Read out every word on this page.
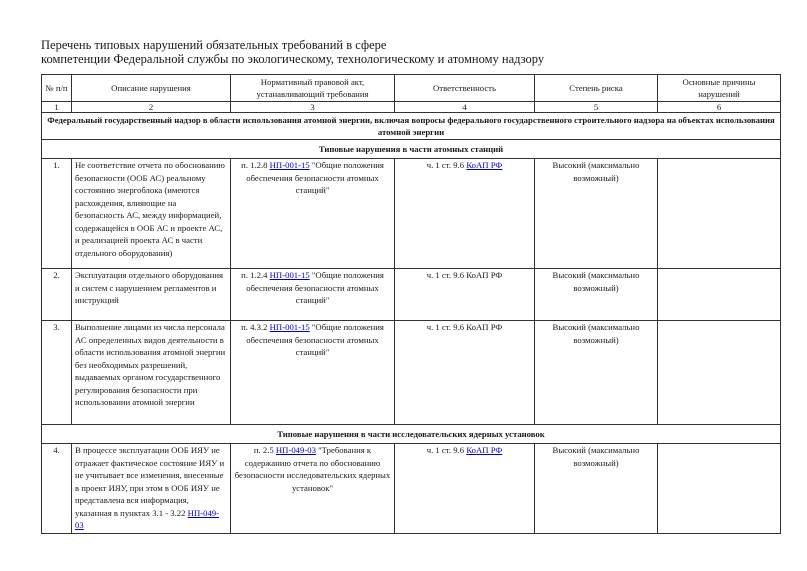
Перечень типовых нарушений обязательных требований в сфере
компетенции Федеральной службы по экологическому, технологическому и атомному надзору
№ п/п	Описание нарушения	Нормативный правовой акт, устанавливающий требования	Ответственность	Степень риска	Основные причины нарушений
1	2	3	4	5	6
Федеральный государственный надзор в области использования атомной энергии, включая вопросы федерального государственного строительного надзора на объектах использования атомной энергии					
Типовые нарушения в части атомных станций					
1.	Не соответствие отчета по обоснованию безопасности (ООБ АС) реальному состоянию энергоблока (имеются расхождения, влияющие на безопасность АС, между информацией, содержащейся в ООБ АС и проекте АС, и реализацией проекта АС в части отдельного оборудования)	п. 1.2.8 НП-001-15 "Общие положения обеспечения безопасности атомных станций"	ч. 1 ст. 9.6 КоАП РФ	Высокий (максимально возможный)	
2.	Эксплуатация отдельного оборудования и систем с нарушением регламентов и инструкций	п. 1.2.4 НП-001-15 "Общие положения обеспечения безопасности атомных станций"	ч. 1 ст. 9.6 КоАП РФ	Высокий (максимально возможный)	
3.	Выполнение лицами из числа персонала АС определенных видов деятельности в области использования атомной энергии без необходимых разрешений, выдаваемых органом государственного регулирования безопасности при использовании атомной энергии	п. 4.3.2 НП-001-15 "Общие положения обеспечения безопасности атомных станций"	ч. 1 ст. 9.6 КоАП РФ	Высокий (максимально возможный)	
Типовые нарушения в части исследовательских ядерных установок					
4.	В процессе эксплуатации ООБ ИЯУ не отражает фактическое состояние ИЯУ и не учитывает все изменения, внесенные в проект ИЯУ, при этом в ООБ ИЯУ не представлена вся информация, указанная в пунктах 3.1 - 3.22 НП-049-03	п. 2.5 НП-049-03 "Требования к содержанию отчета по обоснованию безопасности исследовательских ядерных установок"	ч. 1 ст. 9.6 КоАП РФ	Высокий (максимально возможный)	
